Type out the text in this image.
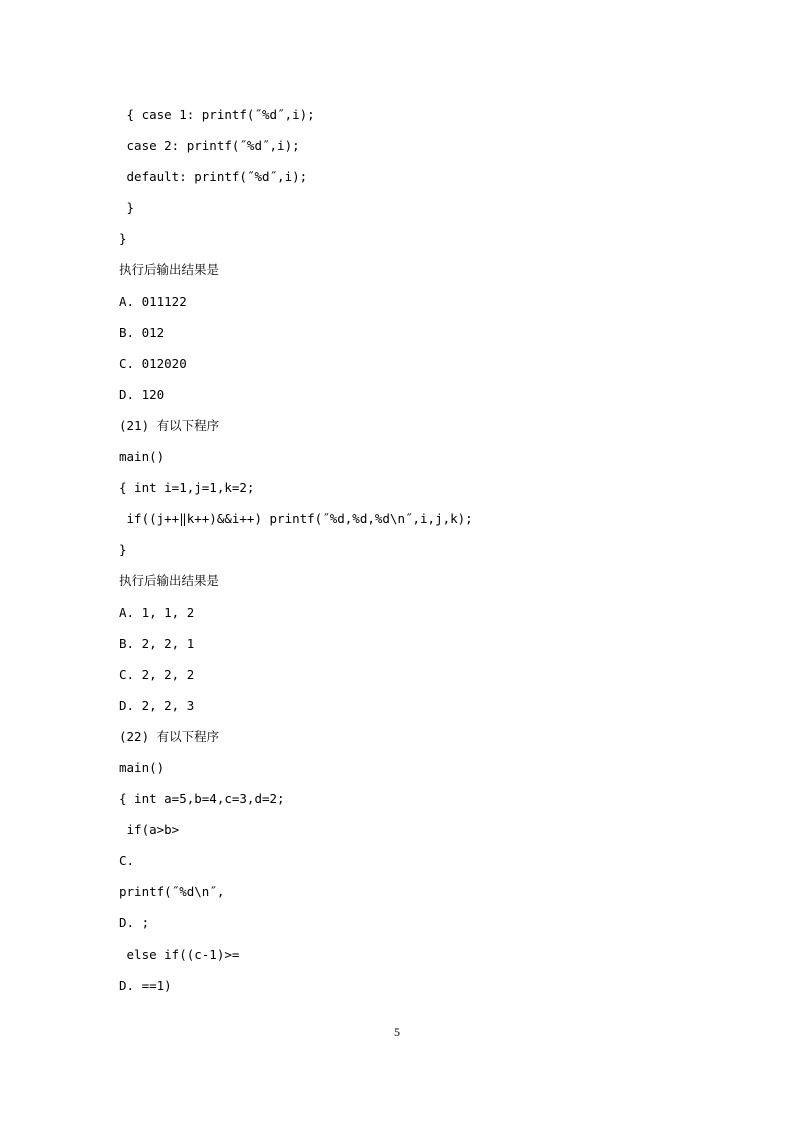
{ case 1: printf(˝%d˝,i);
case 2: printf(˝%d˝,i);
default: printf(˝%d˝,i);
}
}
执行后输出结果是
A. 011122
B. 012
C. 012020
D. 120
(21) 有以下程序
main()
{ int i=1,j=1,k=2;
if((j++‖k++)&&i++) printf(˝%d,%d,%d\n˝,i,j,k);
}
执行后输出结果是
A. 1, 1, 2
B. 2, 2, 1
C. 2, 2, 2
D. 2, 2, 3
(22) 有以下程序
main()
{ int a=5,b=4,c=3,d=2;
if(a>b>
C.
printf(˝%d\n˝,
D. ;
else if((c-1)>=
D. ==1)
5
